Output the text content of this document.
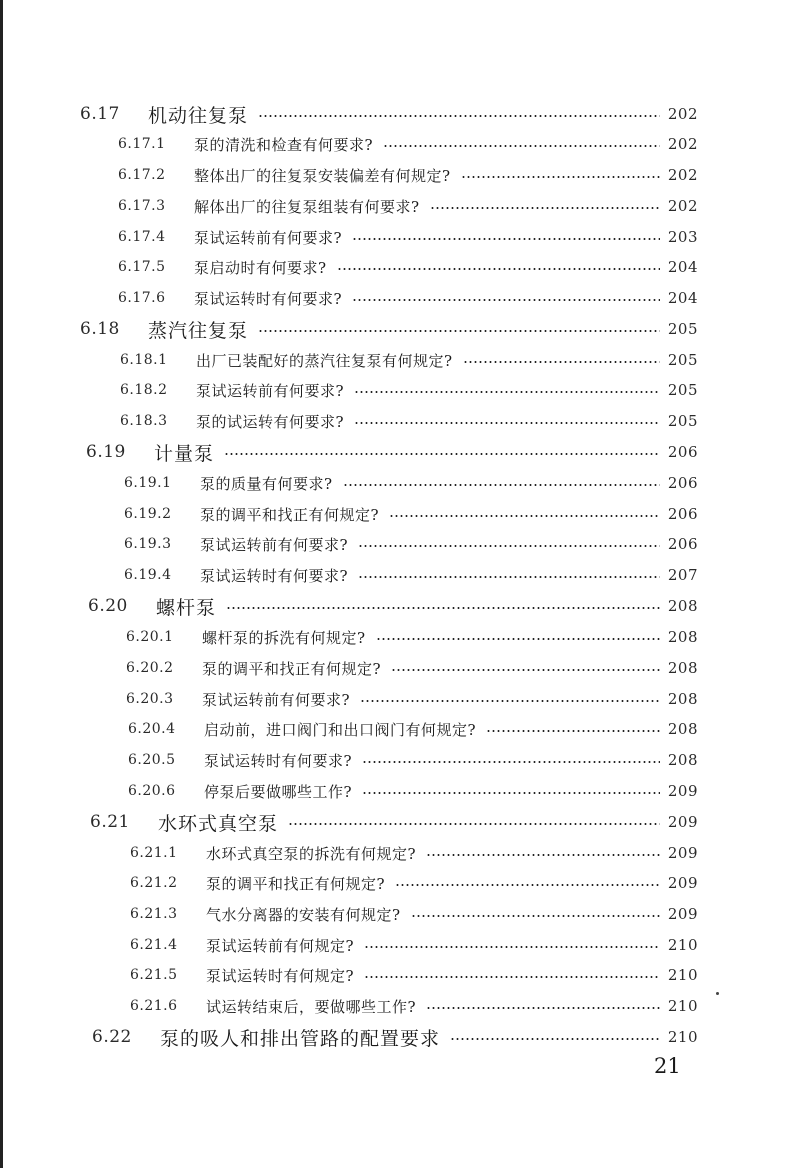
6.17	机动往复泵	202
6.17.1	泵的清洗和检查有何要求?	202
6.17.2	整体出厂的往复泵安装偏差有何规定?	202
6.17.3	解体出厂的往复泵组装有何要求?	202
6.17.4	泵试运转前有何要求?	203
6.17.5	泵启动时有何要求?	204
6.17.6	泵试运转时有何要求?	204
6.18	蒸汽往复泵	205
6.18.1	出厂已装配好的蒸汽往复泵有何规定?	205
6.18.2	泵试运转前有何要求?	205
6.18.3	泵的试运转有何要求?	205
6.19	计量泵	206
6.19.1	泵的质量有何要求?	206
6.19.2	泵的调平和找正有何规定?	206
6.19.3	泵试运转前有何要求?	206
6.19.4	泵试运转时有何要求?	207
6.20	螺杆泵	208
6.20.1	螺杆泵的拆洗有何规定?	208
6.20.2	泵的调平和找正有何规定?	208
6.20.3	泵试运转前有何要求?	208
6.20.4	启动前，进口阀门和出口阀门有何规定?	208
6.20.5	泵试运转时有何要求?	208
6.20.6	停泵后要做哪些工作?	209
6.21	水环式真空泵	209
6.21.1	水环式真空泵的拆洗有何规定?	209
6.21.2	泵的调平和找正有何规定?	209
6.21.3	气水分离器的安装有何规定?	209
6.21.4	泵试运转前有何规定?	210
6.21.5	泵试运转时有何规定?	210
6.21.6	试运转结束后，要做哪些工作?	210
6.22	泵的吸人和排出管路的配置要求	210
21
